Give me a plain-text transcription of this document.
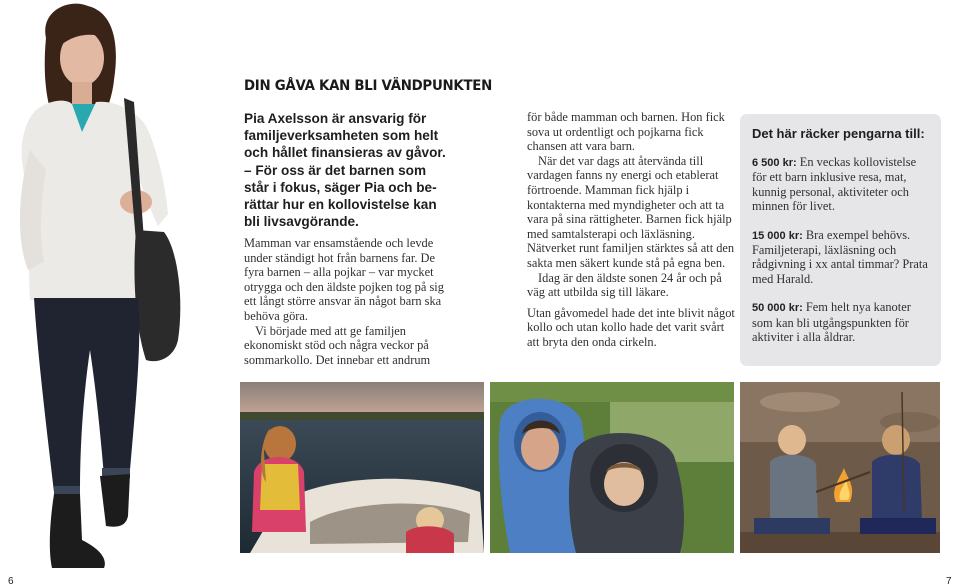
DIN GÅVA KAN BLI VÄNDPUNKTEN

Pia Axelsson är ansvarig för

familjeverksamheten som helt

och hållet finansieras av gåvor.

– För oss är det barnen som

står i fokus, säger Pia och be-

rättar hur en kollovistelse kan

bli livsavgörande.

Mamman var ensamstående och levde under ständigt hot från barnens far. De fyra barnen – alla pojkar – var mycket otrygga och den äldste pojken tog på sig ett långt större ansvar än något barn ska behöva göra.

Vi började med att ge familjen ekonomiskt stöd och några veckor på sommarkollo. Det innebar ett andrum

för både mamman och barnen. Hon fick sova ut ordentligt och pojkarna fick chansen att vara barn.

När det var dags att återvända till vardagen fanns ny energi och etablerat förtroende. Mamman fick hjälp i kontakterna med myndigheter och att ta vara på sina rättigheter. Barnen fick hjälp med samtalsterapi och läxläsning. Nätverket runt familjen stärktes så att den sakta men säkert kunde stå på egna ben.

Idag är den äldste sonen 24 år och på väg att utbilda sig till läkare.

Utan gåvomedel hade det inte blivit något kollo och utan kollo hade det varit svårt att bryta den onda cirkeln.

Det här räcker pengarna till:

6 500 kr: En veckas kollovistelse för ett barn inklusive resa, mat, kunnig personal, aktiviteter och minnen för livet.

15 000 kr: Bra exempel behövs. Familjeterapi, läxläsning och rådgivning i xx antal timmar? Prata med Harald.

50 000 kr: Fem helt nya kanoter som kan bli utgångspunkten för aktiviter i alla åldrar.

6	7
